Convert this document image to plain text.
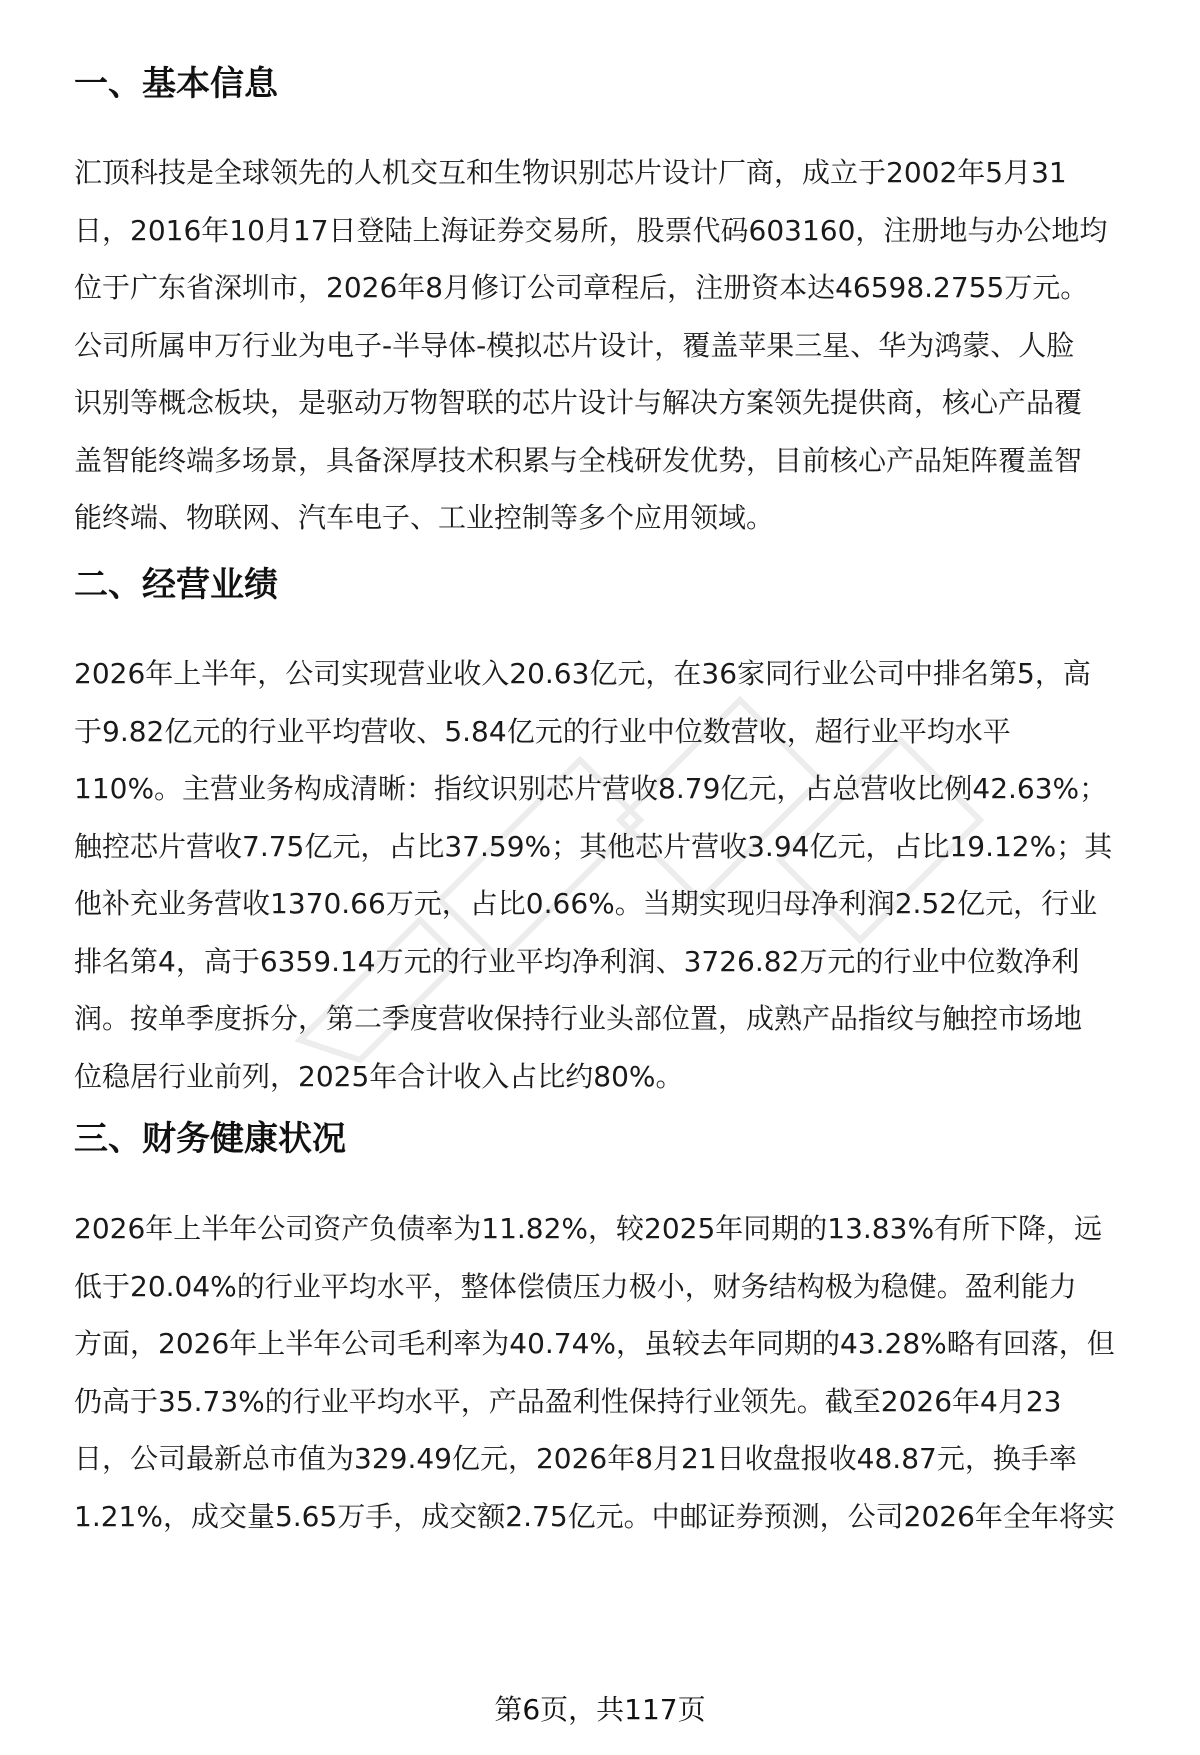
一、基本信息
汇顶科技是全球领先的人机交互和生物识别芯片设计厂商，成立于2002年5月31
日，2016年10月17日登陆上海证券交易所，股票代码603160，注册地与办公地均
位于广东省深圳市，2026年8月修订公司章程后，注册资本达46598.2755万元。
公司所属申万行业为电子-半导体-模拟芯片设计，覆盖苹果三星、华为鸿蒙、人脸
识别等概念板块，是驱动万物智联的芯片设计与解决方案领先提供商，核心产品覆
盖智能终端多场景，具备深厚技术积累与全栈研发优势，目前核心产品矩阵覆盖智
能终端、物联网、汽车电子、工业控制等多个应用领域。
二、经营业绩
2026年上半年，公司实现营业收入20.63亿元，在36家同行业公司中排名第5，高
于9.82亿元的行业平均营收、5.84亿元的行业中位数营收，超行业平均水平
110%。主营业务构成清晰：指纹识别芯片营收8.79亿元，占总营收比例42.63%；
触控芯片营收7.75亿元，占比37.59%；其他芯片营收3.94亿元，占比19.12%；其
他补充业务营收1370.66万元，占比0.66%。当期实现归母净利润2.52亿元，行业
排名第4，高于6359.14万元的行业平均净利润、3726.82万元的行业中位数净利
润。按单季度拆分，第二季度营收保持行业头部位置，成熟产品指纹与触控市场地
位稳居行业前列，2025年合计收入占比约80%。
三、财务健康状况
2026年上半年公司资产负债率为11.82%，较2025年同期的13.83%有所下降，远
低于20.04%的行业平均水平，整体偿债压力极小，财务结构极为稳健。盈利能力
方面，2026年上半年公司毛利率为40.74%，虽较去年同期的43.28%略有回落，但
仍高于35.73%的行业平均水平，产品盈利性保持行业领先。截至2026年4月23
日，公司最新总市值为329.49亿元，2026年8月21日收盘报收48.87元，换手率
1.21%，成交量5.65万手，成交额2.75亿元。中邮证券预测，公司2026年全年将实
第6页，共117页
